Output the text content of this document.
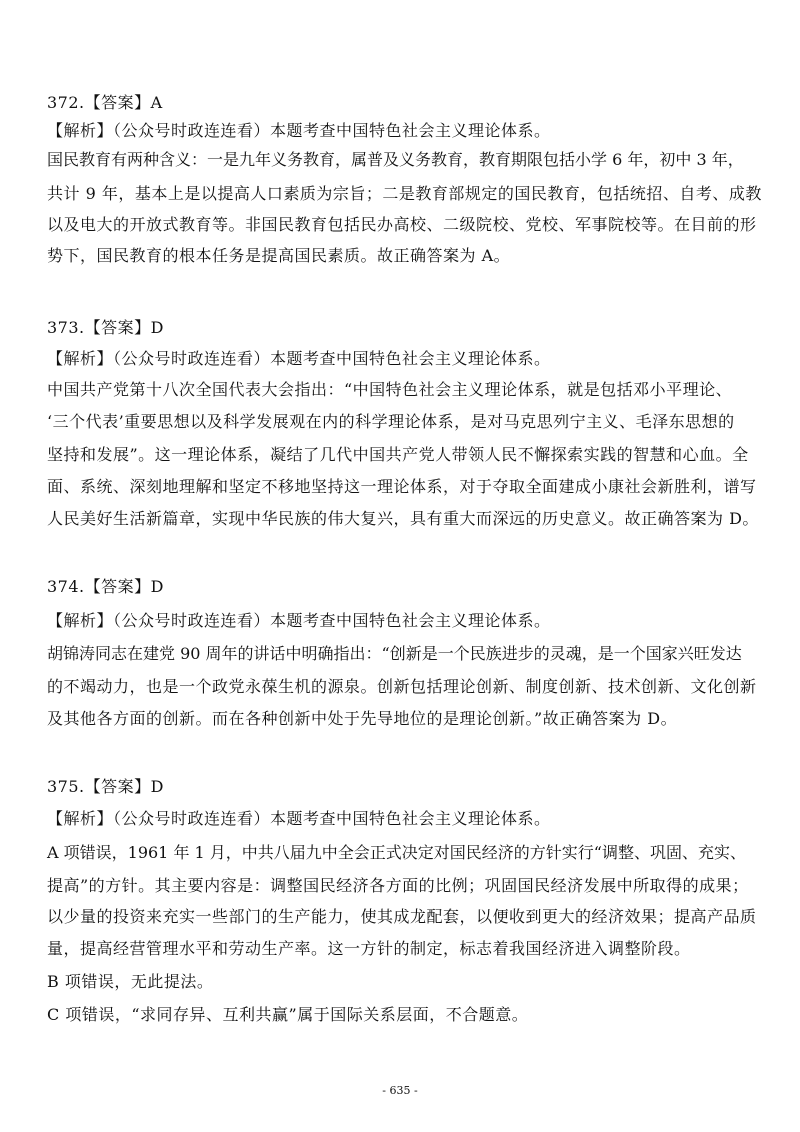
372.【答案】A
【解析】（公众号时政连连看）本题考查中国特色社会主义理论体系。
国民教育有两种含义：一是九年义务教育，属普及义务教育，教育期限包括小学 6 年，初中 3 年，
共计 9 年，基本上是以提高人口素质为宗旨；二是教育部规定的国民教育，包括统招、自考、成教
以及电大的开放式教育等。非国民教育包括民办高校、二级院校、党校、军事院校等。在目前的形
势下，国民教育的根本任务是提高国民素质。故正确答案为 A。
373.【答案】D
【解析】（公众号时政连连看）本题考查中国特色社会主义理论体系。
中国共产党第十八次全国代表大会指出：“中国特色社会主义理论体系，就是包括邓小平理论、
‘三个代表’重要思想以及科学发展观在内的科学理论体系，是对马克思列宁主义、毛泽东思想的
坚持和发展”。这一理论体系，凝结了几代中国共产党人带领人民不懈探索实践的智慧和心血。全
面、系统、深刻地理解和坚定不移地坚持这一理论体系，对于夺取全面建成小康社会新胜利，谱写
人民美好生活新篇章，实现中华民族的伟大复兴，具有重大而深远的历史意义。故正确答案为 D。
374.【答案】D
【解析】（公众号时政连连看）本题考查中国特色社会主义理论体系。
胡锦涛同志在建党 90 周年的讲话中明确指出：“创新是一个民族进步的灵魂，是一个国家兴旺发达
的不竭动力，也是一个政党永葆生机的源泉。创新包括理论创新、制度创新、技术创新、文化创新
及其他各方面的创新。而在各种创新中处于先导地位的是理论创新。”故正确答案为 D。
375.【答案】D
【解析】（公众号时政连连看）本题考查中国特色社会主义理论体系。
A 项错误，1961 年 1 月，中共八届九中全会正式决定对国民经济的方针实行“调整、巩固、充实、
提高”的方针。其主要内容是：调整国民经济各方面的比例；巩固国民经济发展中所取得的成果；
以少量的投资来充实一些部门的生产能力，使其成龙配套，以便收到更大的经济效果；提高产品质
量，提高经营管理水平和劳动生产率。这一方针的制定，标志着我国经济进入调整阶段。
B 项错误，无此提法。
C 项错误，“求同存异、互利共赢”属于国际关系层面，不合题意。
- 635 -
